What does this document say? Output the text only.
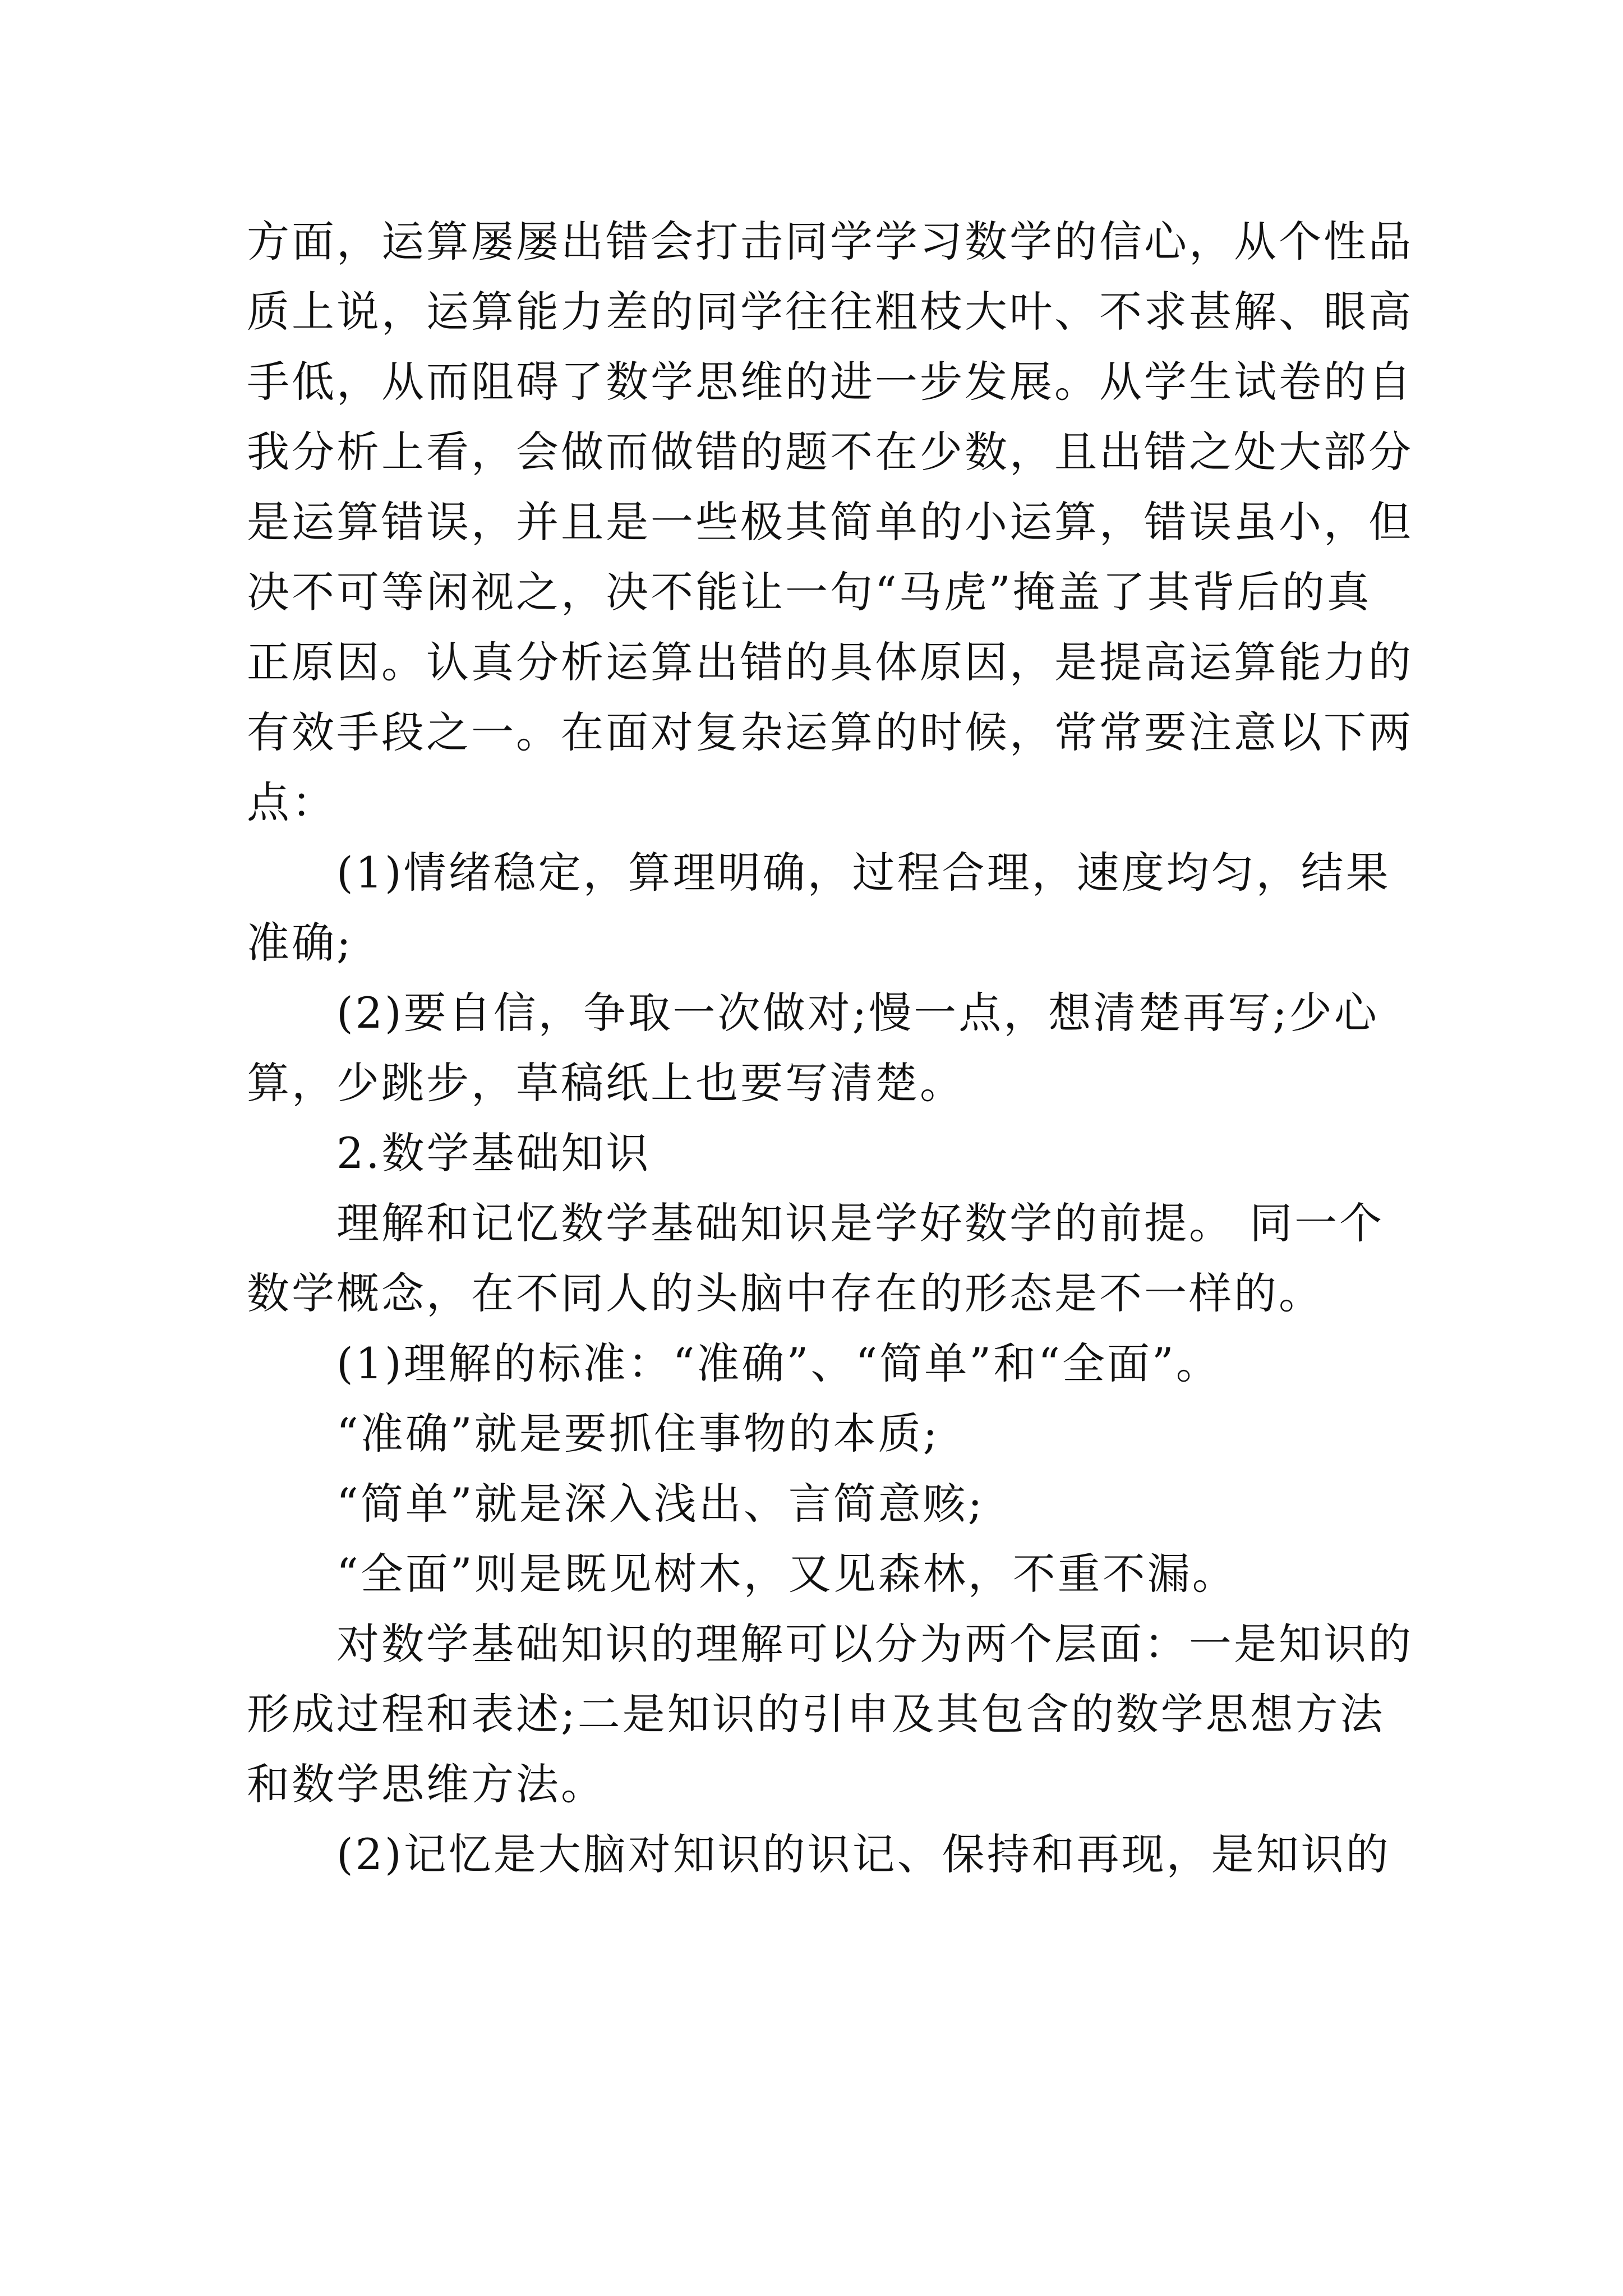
方面，运算屡屡出错会打击同学学习数学的信心，从个性品
质上说，运算能力差的同学往往粗枝大叶、不求甚解、眼高
手低，从而阻碍了数学思维的进一步发展。从学生试卷的自
我分析上看，会做而做错的题不在少数，且出错之处大部分
是运算错误，并且是一些极其简单的小运算，错误虽小，但
决不可等闲视之，决不能让一句“马虎”掩盖了其背后的真
正原因。认真分析运算出错的具体原因，是提高运算能力的
有效手段之一。在面对复杂运算的时候，常常要注意以下两
点：
(1)情绪稳定，算理明确，过程合理，速度均匀，结果
准确;
(2)要自信，争取一次做对;慢一点，想清楚再写;少心
算，少跳步，草稿纸上也要写清楚。
2.数学基础知识
理解和记忆数学基础知识是学好数学的前提。 同一个
数学概念，在不同人的头脑中存在的形态是不一样的。
(1)理解的标准：“准确”、“简单”和“全面”。
“准确”就是要抓住事物的本质;
“简单”就是深入浅出、言简意赅;
“全面”则是既见树木，又见森林，不重不漏。
对数学基础知识的理解可以分为两个层面：一是知识的
形成过程和表述;二是知识的引申及其包含的数学思想方法
和数学思维方法。
(2)记忆是大脑对知识的识记、保持和再现，是知识的
